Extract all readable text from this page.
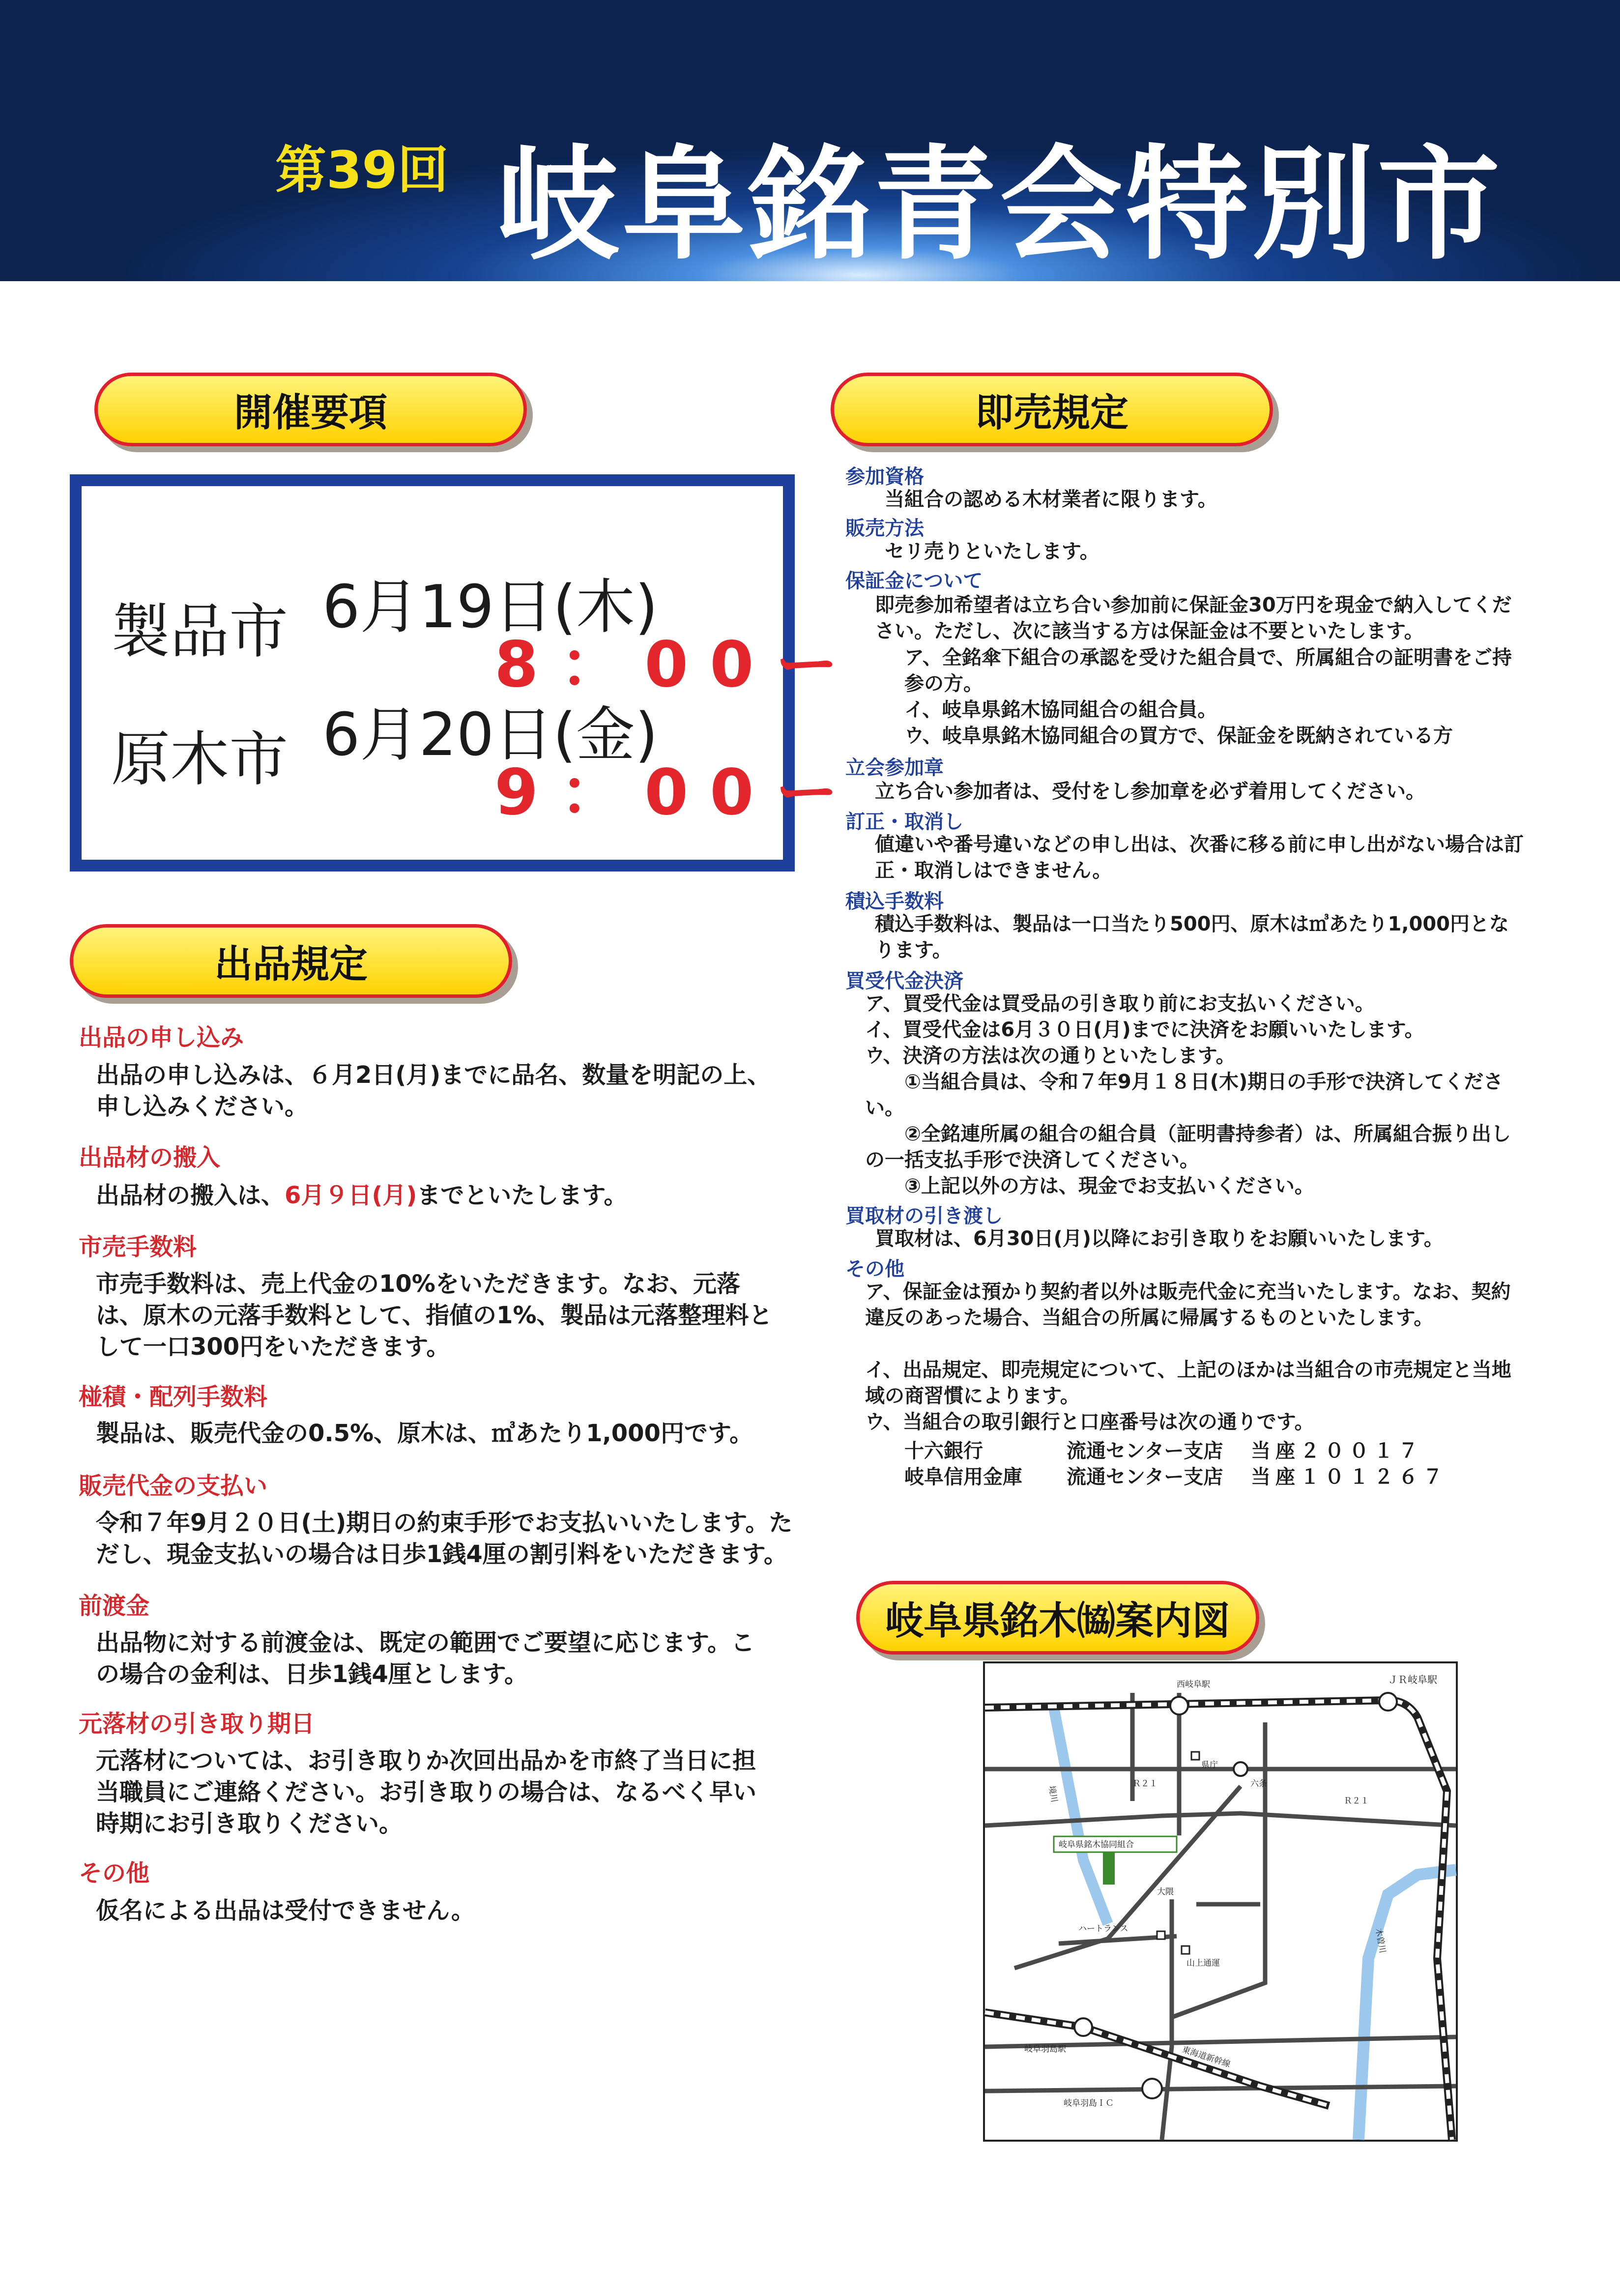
第39回 岐阜銘青会特別市
開催要項
製品市 6月19日(木)
8：00ー
原木市 6月20日(金)
9：00ー
出品規定
出品の申し込み
出品の申し込みは、６月2日(月)までに品名、数量を明記の上、申し込みください。
出品材の搬入
出品材の搬入は、6月９日(月)までといたします。
市売手数料
市売手数料は、売上代金の10%をいただきます。なお、元落は、原木の元落手数料として、指値の1%、製品は元落整理料として一口300円をいただきます。
椪積・配列手数料
製品は、販売代金の0.5%、原木は、㎥あたり1,000円です。
販売代金の支払い
令和７年9月２０日(土)期日の約束手形でお支払いいたします。ただし、現金支払いの場合は日歩1銭4厘の割引料をいただきます。
前渡金
出品物に対する前渡金は、既定の範囲でご要望に応じます。この場合の金利は、日歩1銭4厘とします。
元落材の引き取り期日
元落材については、お引き取りか次回出品かを市終了当日に担当職員にご連絡ください。お引き取りの場合は、なるべく早い時期にお引き取りください。
その他
仮名による出品は受付できません。
即売規定
参加資格
当組合の認める木材業者に限ります。
販売方法
セリ売りといたします。
保証金について
即売参加希望者は立ち合い参加前に保証金30万円を現金で納入してください。ただし、次に該当する方は保証金は不要といたします。
ア、全銘傘下組合の承認を受けた組合員で、所属組合の証明書をご持参の方。
イ、岐阜県銘木協同組合の組合員。
ウ、岐阜県銘木協同組合の買方で、保証金を既納されている方
立会参加章
立ち合い参加者は、受付をし参加章を必ず着用してください。
訂正・取消し
値違いや番号違いなどの申し出は、次番に移る前に申し出がない場合は訂正・取消しはできません。
積込手数料
積込手数料は、製品は一口当たり500円、原木は㎥あたり1,000円となります。
買受代金決済
ア、買受代金は買受品の引き取り前にお支払いください。
イ、買受代金は6月３０日(月)までに決済をお願いいたします。
ウ、決済の方法は次の通りといたします。
①当組合員は、令和７年9月１８日(木)期日の手形で決済してください。
②全銘連所属の組合の組合員（証明書持参者）は、所属組合振り出しの一括支払手形で決済してください。
③上記以外の方は、現金でお支払いください。
買取材の引き渡し
買取材は、6月30日(月)以降にお引き取りをお願いいたします。
その他
ア、保証金は預かり契約者以外は販売代金に充当いたします。なお、契約違反のあった場合、当組合の所属に帰属するものといたします。
イ、出品規定、即売規定について、上記のほかは当組合の市売規定と当地域の商習慣によります。
ウ、当組合の取引銀行と口座番号は次の通りです。
十六銀行	流通センター支店 当座２００１７
岐阜信用金庫 流通センター支店 当座１０１２６７
岐阜県銘木㈿案内図
西岐阜駅	ＪＲ岐阜駅
Ｒ２１
Ｒ２１
六条
県庁
岐阜県銘木協同組合
大隈
ハートランス
山上通運
境川
木曽川
岐阜羽島駅	東海道新幹線
岐阜羽島ＩＣ
